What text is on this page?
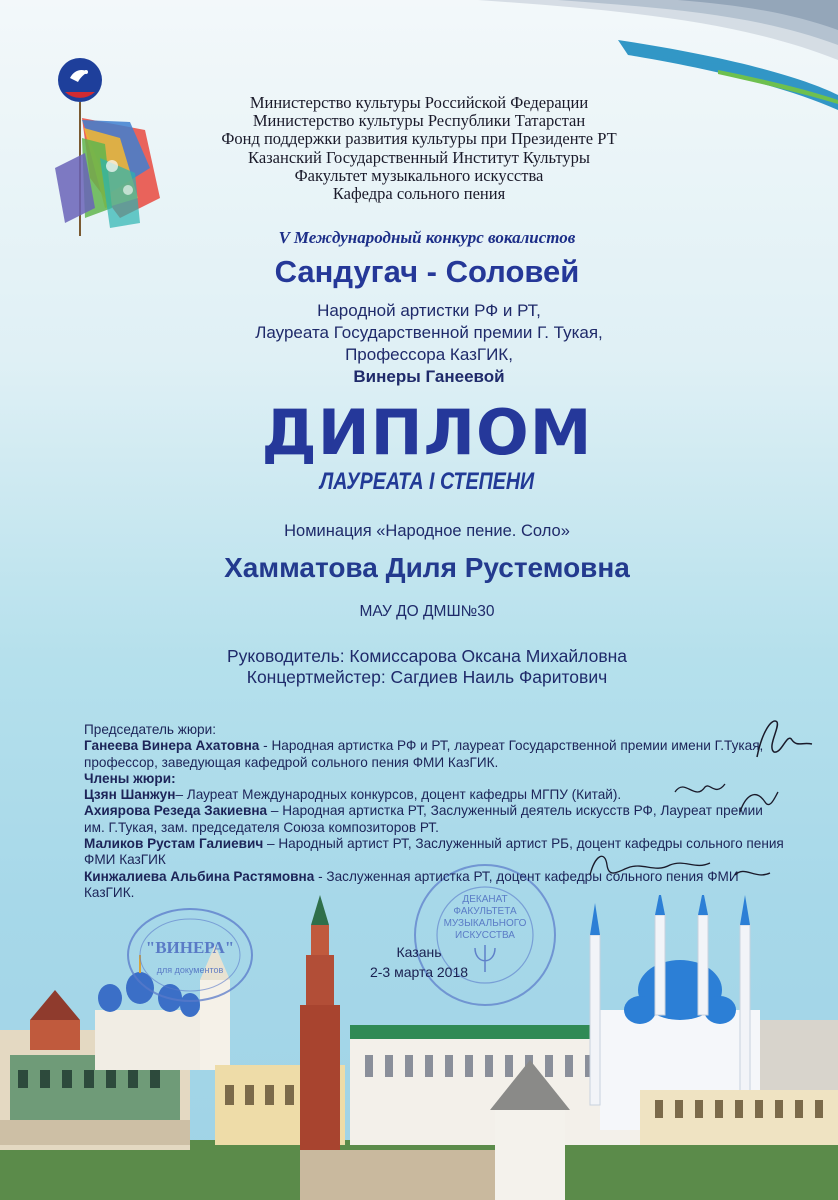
Министерство культуры Российской Федерации
Министерство культуры Республики Татарстан
Фонд поддержки развития культуры при Президенте РТ
Казанский Государственный Институт Культуры
Факультет музыкального искусства
Кафедра сольного пения
V Международный конкурс вокалистов
Сандугач - Соловей
Народной артистки РФ и РТ,
Лауреата Государственной премии Г. Тукая,
Профессора КазГИК,
Винеры Ганеевой
ДИПЛОМ
ЛАУРЕАТА I СТЕПЕНИ
Номинация «Народное пение. Соло»
Хамматова Диля Рустемовна
МАУ ДО ДМШ№30
Руководитель: Комиссарова Оксана Михайловна
Концертмейстер: Сагдиев Наиль Фаритович
"ВИНЕРА"
для документов
ДЕКАНАТ
ФАКУЛЬТЕТА
МУЗЫКАЛЬНОГО
ИСКУССТВА

Председатель жюри:

Ганеева Винера Ахатовна - Народная артистка РФ и РТ, лауреат Государственной премии имени Г.Тукая, профессор, заведующая кафедрой сольного пения ФМИ КазГИК.

Члены жюри:

Цзян Шанжун– Лауреат Международных конкурсов, доцент кафедры МГПУ (Китай).

Ахиярова Резеда Закиевна – Народная артистка РТ, Заслуженный деятель искусств РФ, Лауреат премии им. Г.Тукая, зам. председателя Союза композиторов РТ.

Маликов Рустам Галиевич – Народный артист РТ, Заслуженный артист РБ, доцент кафедры сольного пения ФМИ КазГИК

Кинжалиева Альбина Растямовна - Заслуженная артистка РТ, доцент кафедры сольного пения ФМИ КазГИК.

Казань
2-3 марта 2018
